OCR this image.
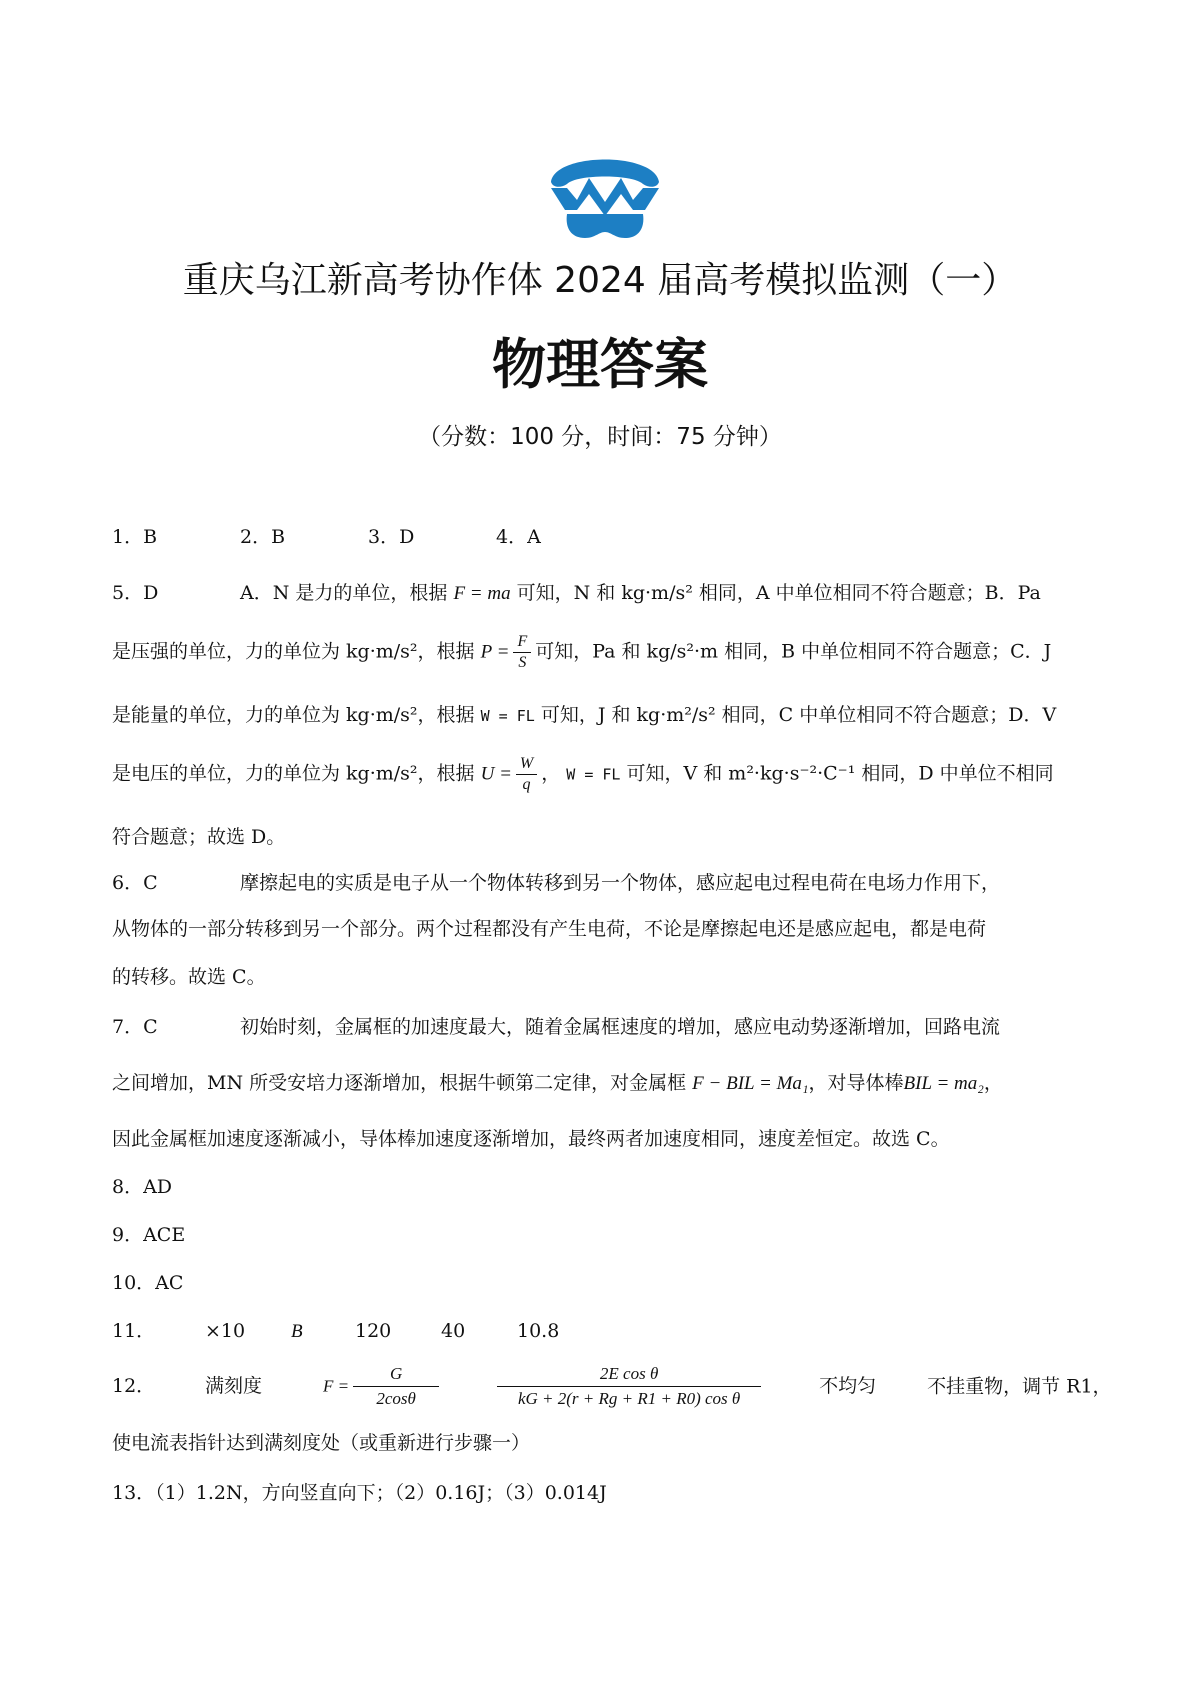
重庆乌江新高考协作体 2024 届高考模拟监测（一）
物理答案
（分数：100 分，时间：75 分钟）
1．B	2．B	3．D	4．A
5．D	A．N 是力的单位，根据 F = ma 可知，N 和 kg·m/s² 相同，A 中单位相同不符合题意；B．Pa
是压强的单位，力的单位为 kg·m/s²，根据 $P = \frac{F}{S}$ 可知，Pa 和 kg/s²·m 相同，B 中单位相同不符合题意；C．J
是能量的单位，力的单位为 kg·m/s²，根据 W = FL 可知，J 和 kg·m²/s² 相同，C 中单位相同不符合题意；D．V
是电压的单位，力的单位为 kg·m/s²，根据 $U = \frac{W}{q}$ ， W = FL 可知，V 和 m²·kg·s⁻²·C⁻¹ 相同，D 中单位不相同
符合题意；故选 D。
6．C	摩擦起电的实质是电子从一个物体转移到另一个物体，感应起电过程电荷在电场力作用下，
从物体的一部分转移到另一个部分。两个过程都没有产生电荷，不论是摩擦起电还是感应起电，都是电荷
的转移。故选 C。
7．C	初始时刻，金属框的加速度最大，随着金属框速度的增加，感应电动势逐渐增加，回路电流
之间增加，MN 所受安培力逐渐增加，根据牛顿第二定律，对金属框 F − BIL = Ma₁，对导体棒BIL = ma₂，
因此金属框加速度逐渐减小，导体棒加速度逐渐增加，最终两者加速度相同，速度差恒定。故选 C。
8．AD
9．ACE
10．AC
11．	×10 B	120	40	10.8
12．	满刻度	$F = \frac{G}{2\cos\theta}$	$\frac{\text{2E cos θ}}{\text{kG + 2(r + Rg + R1 + R0) cos θ}}$	不均匀	不挂重物，调节 R1，
使电流表指针达到满刻度处（或重新进行步骤一）
13．（1）1.2N，方向竖直向下；（2）0.16J；（3）0.014J
